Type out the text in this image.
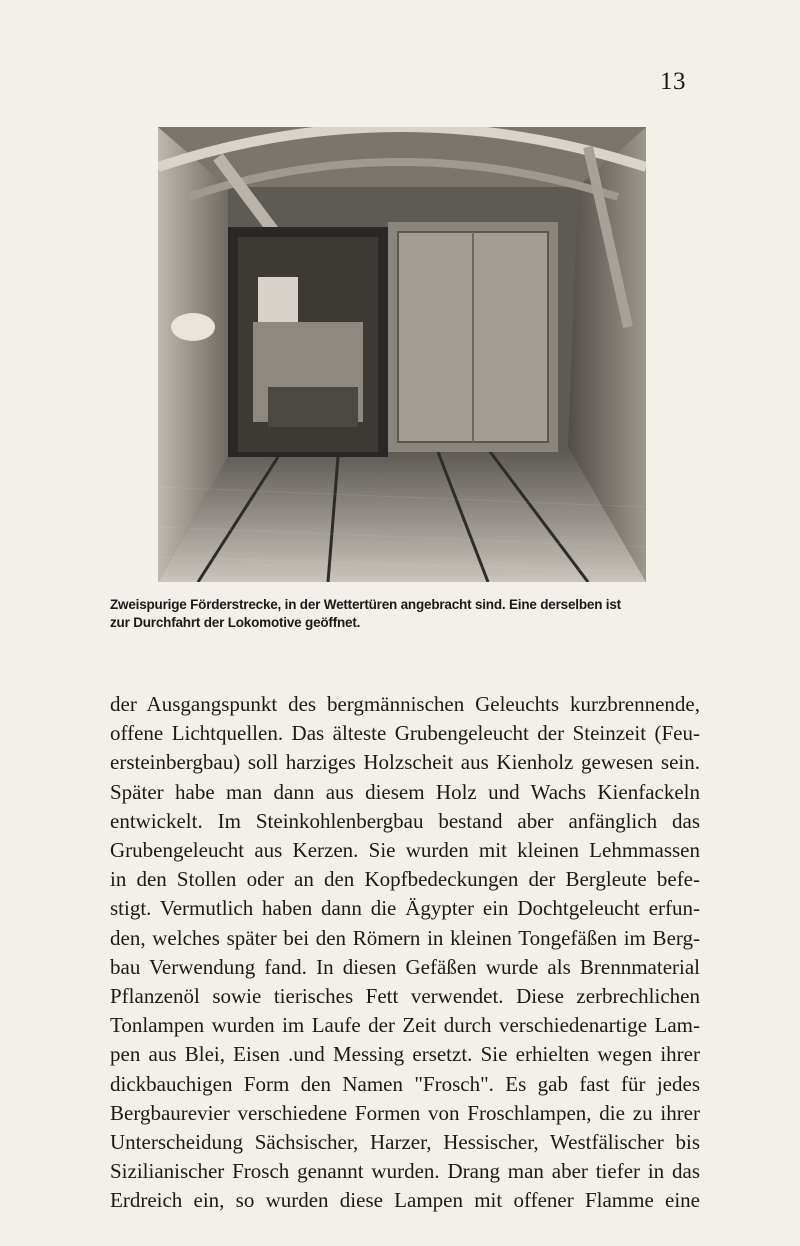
13
Zweispurige Förderstrecke, in der Wettertüren angebracht sind. Eine derselben ist
zur Durchfahrt der Lokomotive geöffnet.
der Ausgangspunkt des bergmännischen Geleuchts kurzbrennende,
offene Lichtquellen. Das älteste Grubengeleucht der Steinzeit (Feu-
ersteinbergbau) soll harziges Holzscheit aus Kienholz gewesen sein.
Später habe man dann aus diesem Holz und Wachs Kienfackeln
entwickelt. Im Steinkohlenbergbau bestand aber anfänglich das
Grubengeleucht aus Kerzen. Sie wurden mit kleinen Lehmmassen
in den Stollen oder an den Kopfbedeckungen der Bergleute befe-
stigt. Vermutlich haben dann die Ägypter ein Dochtgeleucht erfun-
den, welches später bei den Römern in kleinen Tongefäßen im Berg-
bau Verwendung fand. In diesen Gefäßen wurde als Brennmaterial
Pflanzenöl sowie tierisches Fett verwendet. Diese zerbrechlichen
Tonlampen wurden im Laufe der Zeit durch verschiedenartige Lam-
pen aus Blei, Eisen .und Messing ersetzt. Sie erhielten wegen ihrer
dickbauchigen Form den Namen "Frosch". Es gab fast für jedes
Bergbaurevier verschiedene Formen von Froschlampen, die zu ihrer
Unterscheidung Sächsischer, Harzer, Hessischer, Westfälischer bis
Sizilianischer Frosch genannt wurden. Drang man aber tiefer in das
Erdreich ein, so wurden diese Lampen mit offener Flamme eine
